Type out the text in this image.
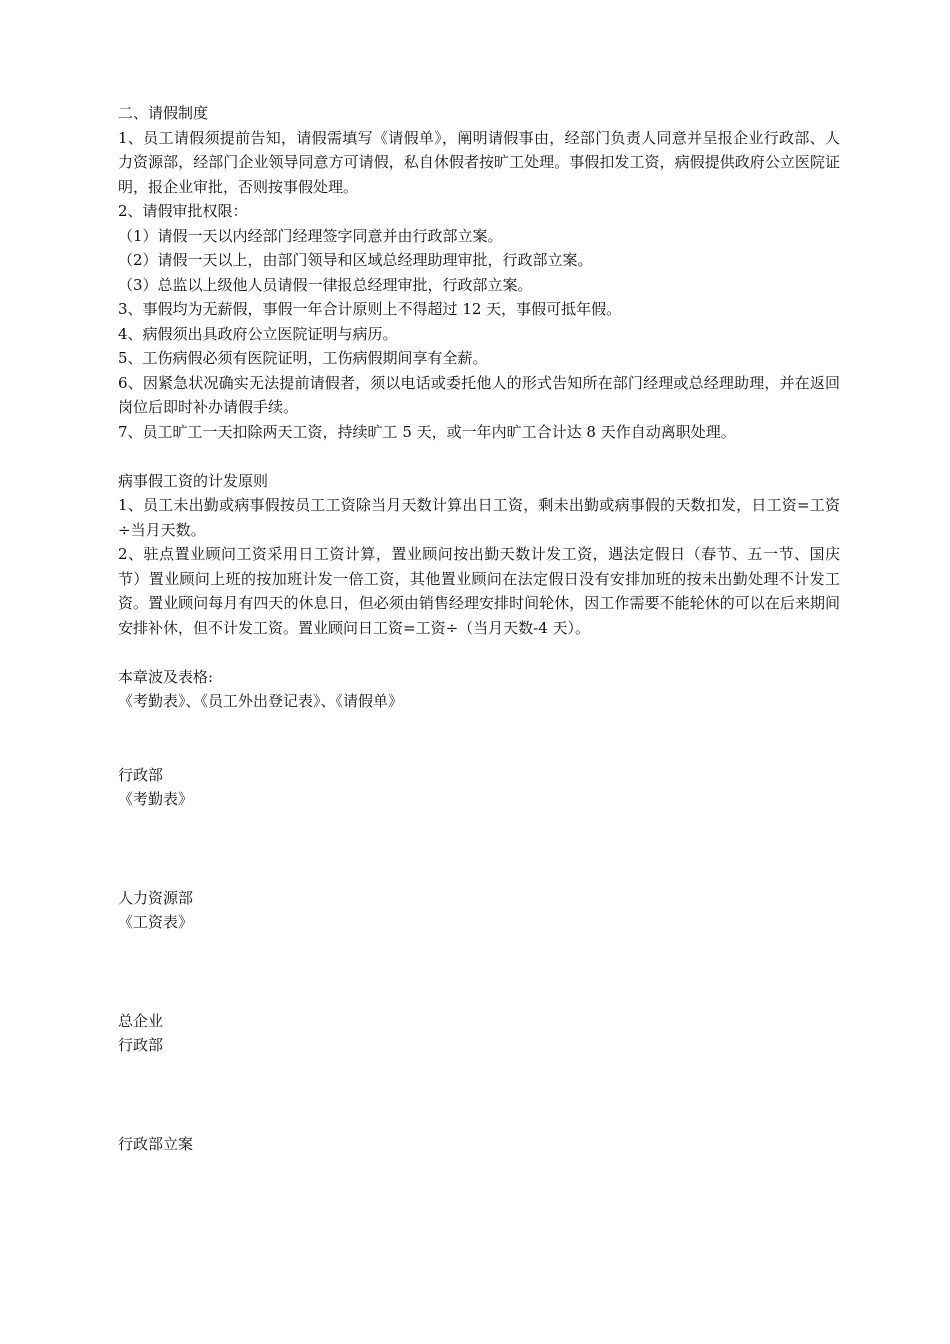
二、请假制度
1、员工请假须提前告知，请假需填写《请假单》，阐明请假事由，经部门负责人同意并呈报企业行政部、人力资源部，经部门企业领导同意方可请假，私自休假者按旷工处理。事假扣发工资，病假提供政府公立医院证明，报企业审批，否则按事假处理。
2、请假审批权限：
（1）请假一天以内经部门经理签字同意并由行政部立案。
（2）请假一天以上，由部门领导和区域总经理助理审批，行政部立案。
（3）总监以上级他人员请假一律报总经理审批，行政部立案。
3、事假均为无薪假，事假一年合计原则上不得超过 12 天，事假可抵年假。
4、病假须出具政府公立医院证明与病历。
5、工伤病假必须有医院证明，工伤病假期间享有全薪。
6、因紧急状况确实无法提前请假者，须以电话或委托他人的形式告知所在部门经理或总经理助理，并在返回岗位后即时补办请假手续。
7、员工旷工一天扣除两天工资，持续旷工 5 天，或一年内旷工合计达 8 天作自动离职处理。
病事假工资的计发原则
1、员工未出勤或病事假按员工工资除当月天数计算出日工资，剩未出勤或病事假的天数扣发，日工资=工资÷当月天数。
2、驻点置业顾问工资采用日工资计算，置业顾问按出勤天数计发工资，遇法定假日（春节、五一节、国庆节）置业顾问上班的按加班计发一倍工资，其他置业顾问在法定假日没有安排加班的按未出勤处理不计发工资。置业顾问每月有四天的休息日，但必须由销售经理安排时间轮休，因工作需要不能轮休的可以在后来期间安排补休，但不计发工资。置业顾问日工资=工资÷（当月天数-4 天）。
本章波及表格:
《考勤表》、《员工外出登记表》、《请假单》
行政部
《考勤表》
人力资源部
《工资表》
总企业
行政部
行政部立案
